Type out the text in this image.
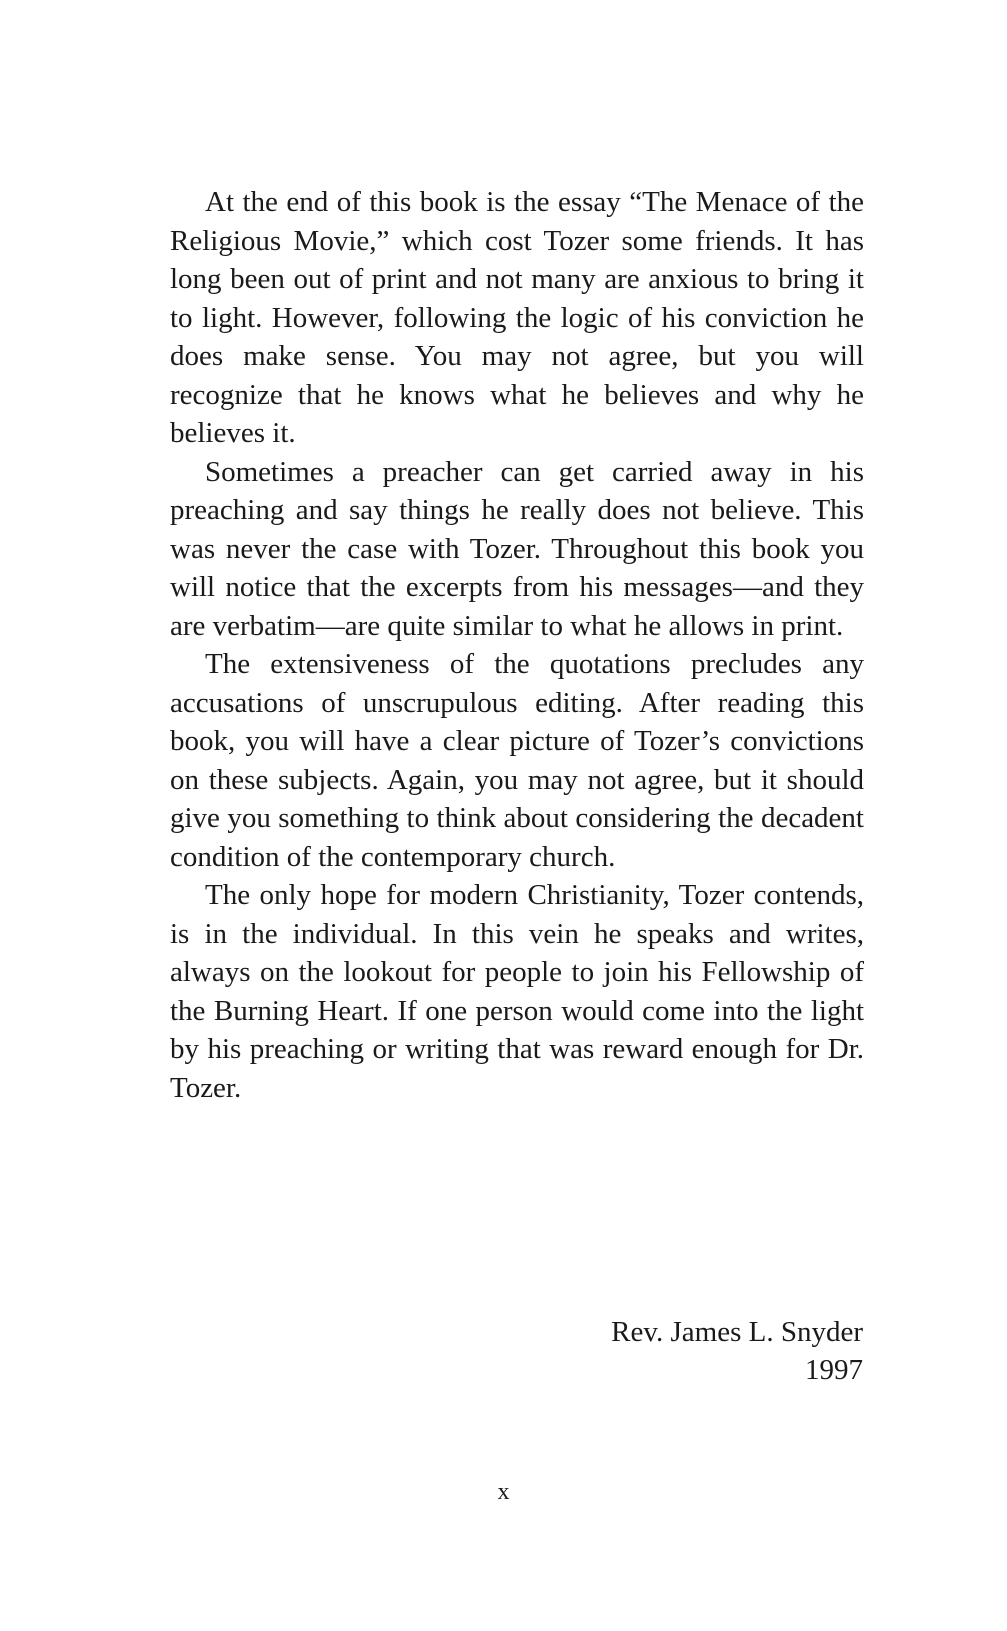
At the end of this book is the essay “The Menace of the Religious Movie,” which cost Tozer some friends. It has long been out of print and not many are anxious to bring it to light. However, following the logic of his conviction he does make sense. You may not agree, but you will recognize that he knows what he believes and why he believes it.

Sometimes a preacher can get carried away in his preaching and say things he really does not believe. This was never the case with Tozer. Throughout this book you will notice that the excerpts from his messages—and they are verbatim—are quite similar to what he allows in print.

The extensiveness of the quotations precludes any accusations of unscrupulous editing. After reading this book, you will have a clear picture of Tozer’s convictions on these subjects. Again, you may not agree, but it should give you something to think about considering the decadent condition of the contemporary church.

The only hope for modern Christianity, Tozer contends, is in the individual. In this vein he speaks and writes, always on the lookout for people to join his Fellowship of the Burning Heart. If one person would come into the light by his preaching or writing that was reward enough for Dr. Tozer.

Rev. James L. Snyder
1997
x
